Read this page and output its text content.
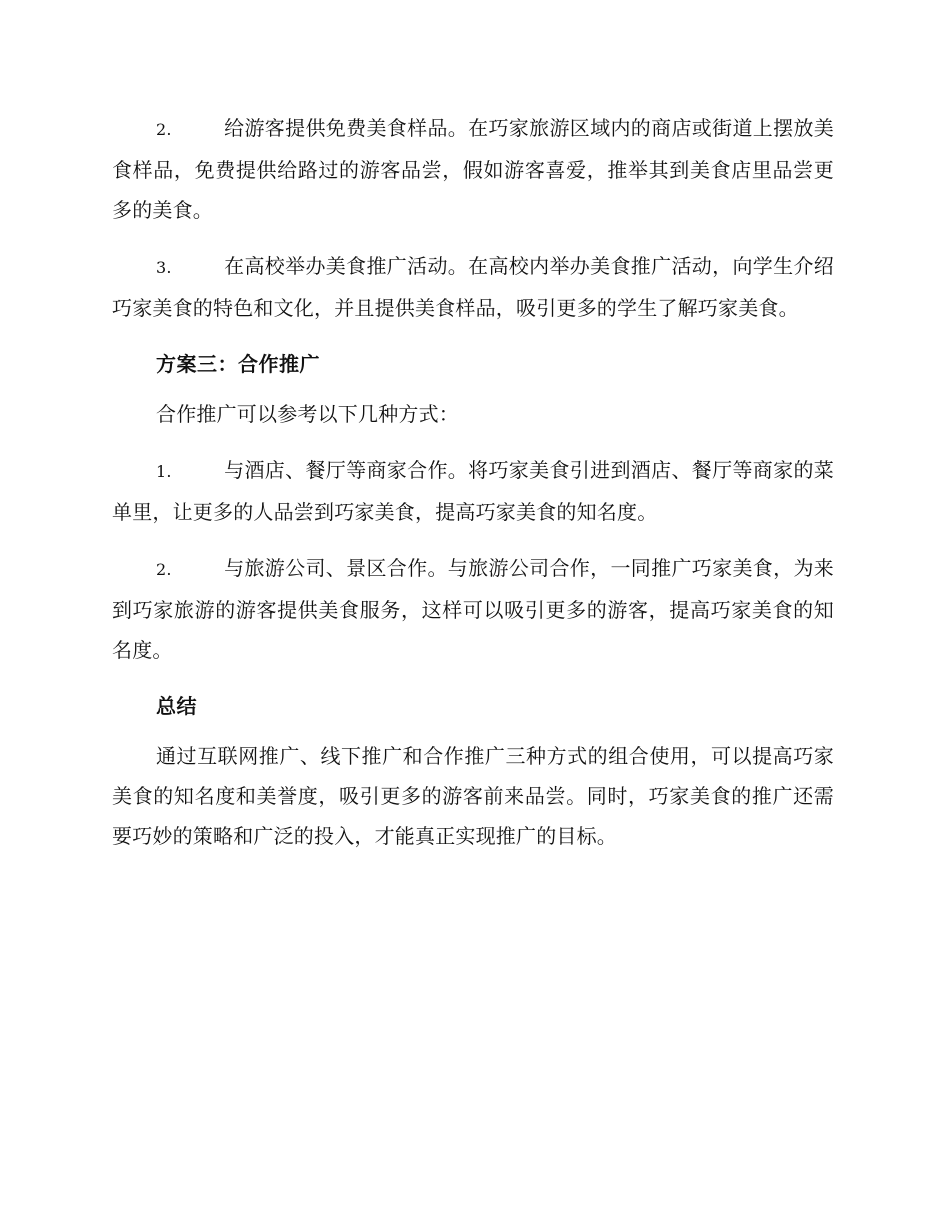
2.	给游客提供免费美食样品。在巧家旅游区域内的商店或街道上摆放美食样品，免费提供给路过的游客品尝，假如游客喜爱，推举其到美食店里品尝更多的美食。

3.	在高校举办美食推广活动。在高校内举办美食推广活动，向学生介绍巧家美食的特色和文化，并且提供美食样品，吸引更多的学生了解巧家美食。

方案三：合作推广

合作推广可以参考以下几种方式：

1.	与酒店、餐厅等商家合作。将巧家美食引进到酒店、餐厅等商家的菜单里，让更多的人品尝到巧家美食，提高巧家美食的知名度。

2.	与旅游公司、景区合作。与旅游公司合作，一同推广巧家美食，为来到巧家旅游的游客提供美食服务，这样可以吸引更多的游客，提高巧家美食的知名度。

总结

通过互联网推广、线下推广和合作推广三种方式的组合使用，可以提高巧家美食的知名度和美誉度，吸引更多的游客前来品尝。同时，巧家美食的推广还需要巧妙的策略和广泛的投入，才能真正实现推广的目标。
